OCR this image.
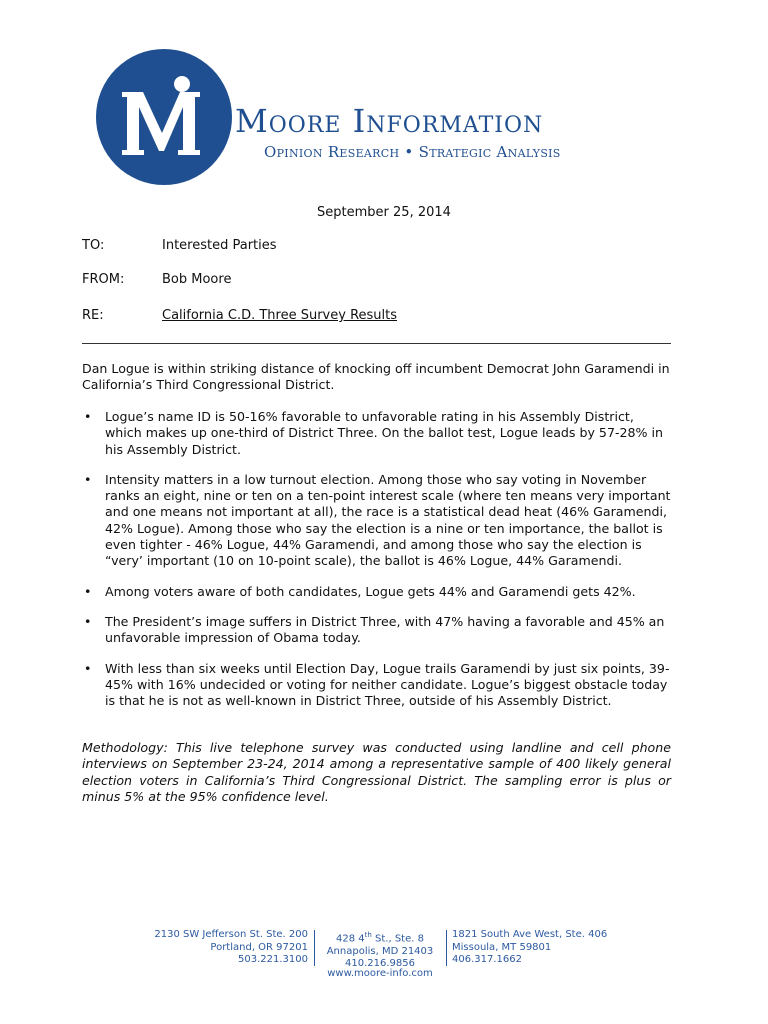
Moore Information
Opinion Research • Strategic Analysis
September 25, 2014
TO:	Interested Parties
FROM:	Bob Moore
RE:	California C.D. Three Survey Results
Dan Logue is within striking distance of knocking off incumbent Democrat John Garamendi in California’s Third Congressional District.
• Logue’s name ID is 50-16% favorable to unfavorable rating in his Assembly District, which makes up one-third of District Three. On the ballot test, Logue leads by 57-28% in his Assembly District.
• Intensity matters in a low turnout election. Among those who say voting in November ranks an eight, nine or ten on a ten-point interest scale (where ten means very important and one means not important at all), the race is a statistical dead heat (46% Garamendi, 42% Logue). Among those who say the election is a nine or ten importance, the ballot is even tighter - 46% Logue, 44% Garamendi, and among those who say the election is “very’ important (10 on 10-point scale), the ballot is 46% Logue, 44% Garamendi.
• Among voters aware of both candidates, Logue gets 44% and Garamendi gets 42%.
• The President’s image suffers in District Three, with 47% having a favorable and 45% an unfavorable impression of Obama today.
• With less than six weeks until Election Day, Logue trails Garamendi by just six points, 39-45% with 16% undecided or voting for neither candidate. Logue’s biggest obstacle today is that he is not as well-known in District Three, outside of his Assembly District.
Methodology: This live telephone survey was conducted using landline and cell phone interviews on September 23-24, 2014 among a representative sample of 400 likely general election voters in California’s Third Congressional District. The sampling error is plus or minus 5% at the 95% confidence level.
2130 SW Jefferson St. Ste. 200
Portland, OR 97201
503.221.3100
428 4th St., Ste. 8
Annapolis, MD 21403
410.216.9856
1821 South Ave West, Ste. 406
Missoula, MT 59801
406.317.1662
www.moore-info.com
